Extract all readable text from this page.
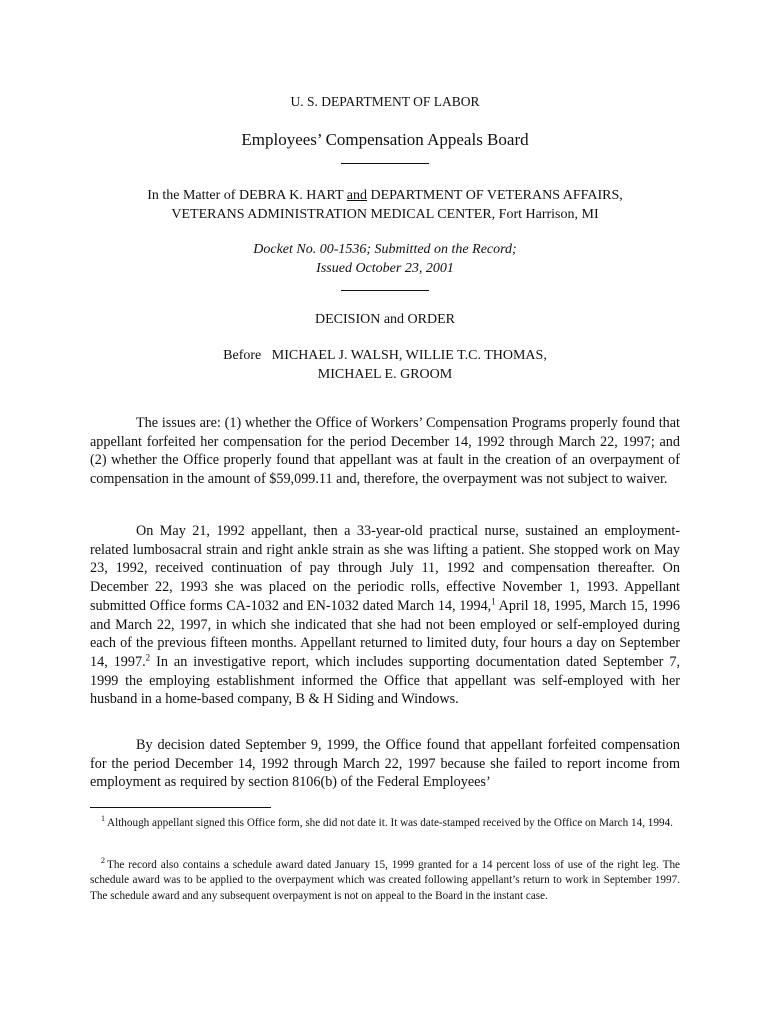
U. S. DEPARTMENT OF LABOR
Employees’ Compensation Appeals Board
In the Matter of DEBRA K. HART and DEPARTMENT OF VETERANS AFFAIRS,
VETERANS ADMINISTRATION MEDICAL CENTER, Fort Harrison, MI
Docket No. 00-1536; Submitted on the Record;
Issued October 23, 2001
DECISION and ORDER
Before   MICHAEL J. WALSH, WILLIE T.C. THOMAS,
MICHAEL E. GROOM

The issues are: (1) whether the Office of Workers’ Compensation Programs properly found that appellant forfeited her compensation for the period December 14, 1992 through March 22, 1997; and (2) whether the Office properly found that appellant was at fault in the creation of an overpayment of compensation in the amount of $59,099.11 and, therefore, the overpayment was not subject to waiver.

On May 21, 1992 appellant, then a 33-year-old practical nurse, sustained an employment-related lumbosacral strain and right ankle strain as she was lifting a patient. She stopped work on May 23, 1992, received continuation of pay through July 11, 1992 and compensation thereafter. On December 22, 1993 she was placed on the periodic rolls, effective November 1, 1993. Appellant submitted Office forms CA-1032 and EN-1032 dated March 14, 1994,$^1$ April 18, 1995, March 15, 1996 and March 22, 1997, in which she indicated that she had not been employed or self-employed during each of the previous fifteen months. Appellant returned to limited duty, four hours a day on September 14, 1997.$^2$ In an investigative report, which includes supporting documentation dated September 7, 1999 the employing establishment informed the Office that appellant was self-employed with her husband in a home-based company, B & H Siding and Windows.

By decision dated September 9, 1999, the Office found that appellant forfeited compensation for the period December 14, 1992 through March 22, 1997 because she failed to report income from employment as required by section 8106(b) of the Federal Employees’

$^1$ Although appellant signed this Office form, she did not date it. It was date-stamped received by the Office on March 14, 1994.

$^2$ The record also contains a schedule award dated January 15, 1999 granted for a 14 percent loss of use of the right leg. The schedule award was to be applied to the overpayment which was created following appellant’s return to work in September 1997. The schedule award and any subsequent overpayment is not on appeal to the Board in the instant case.
